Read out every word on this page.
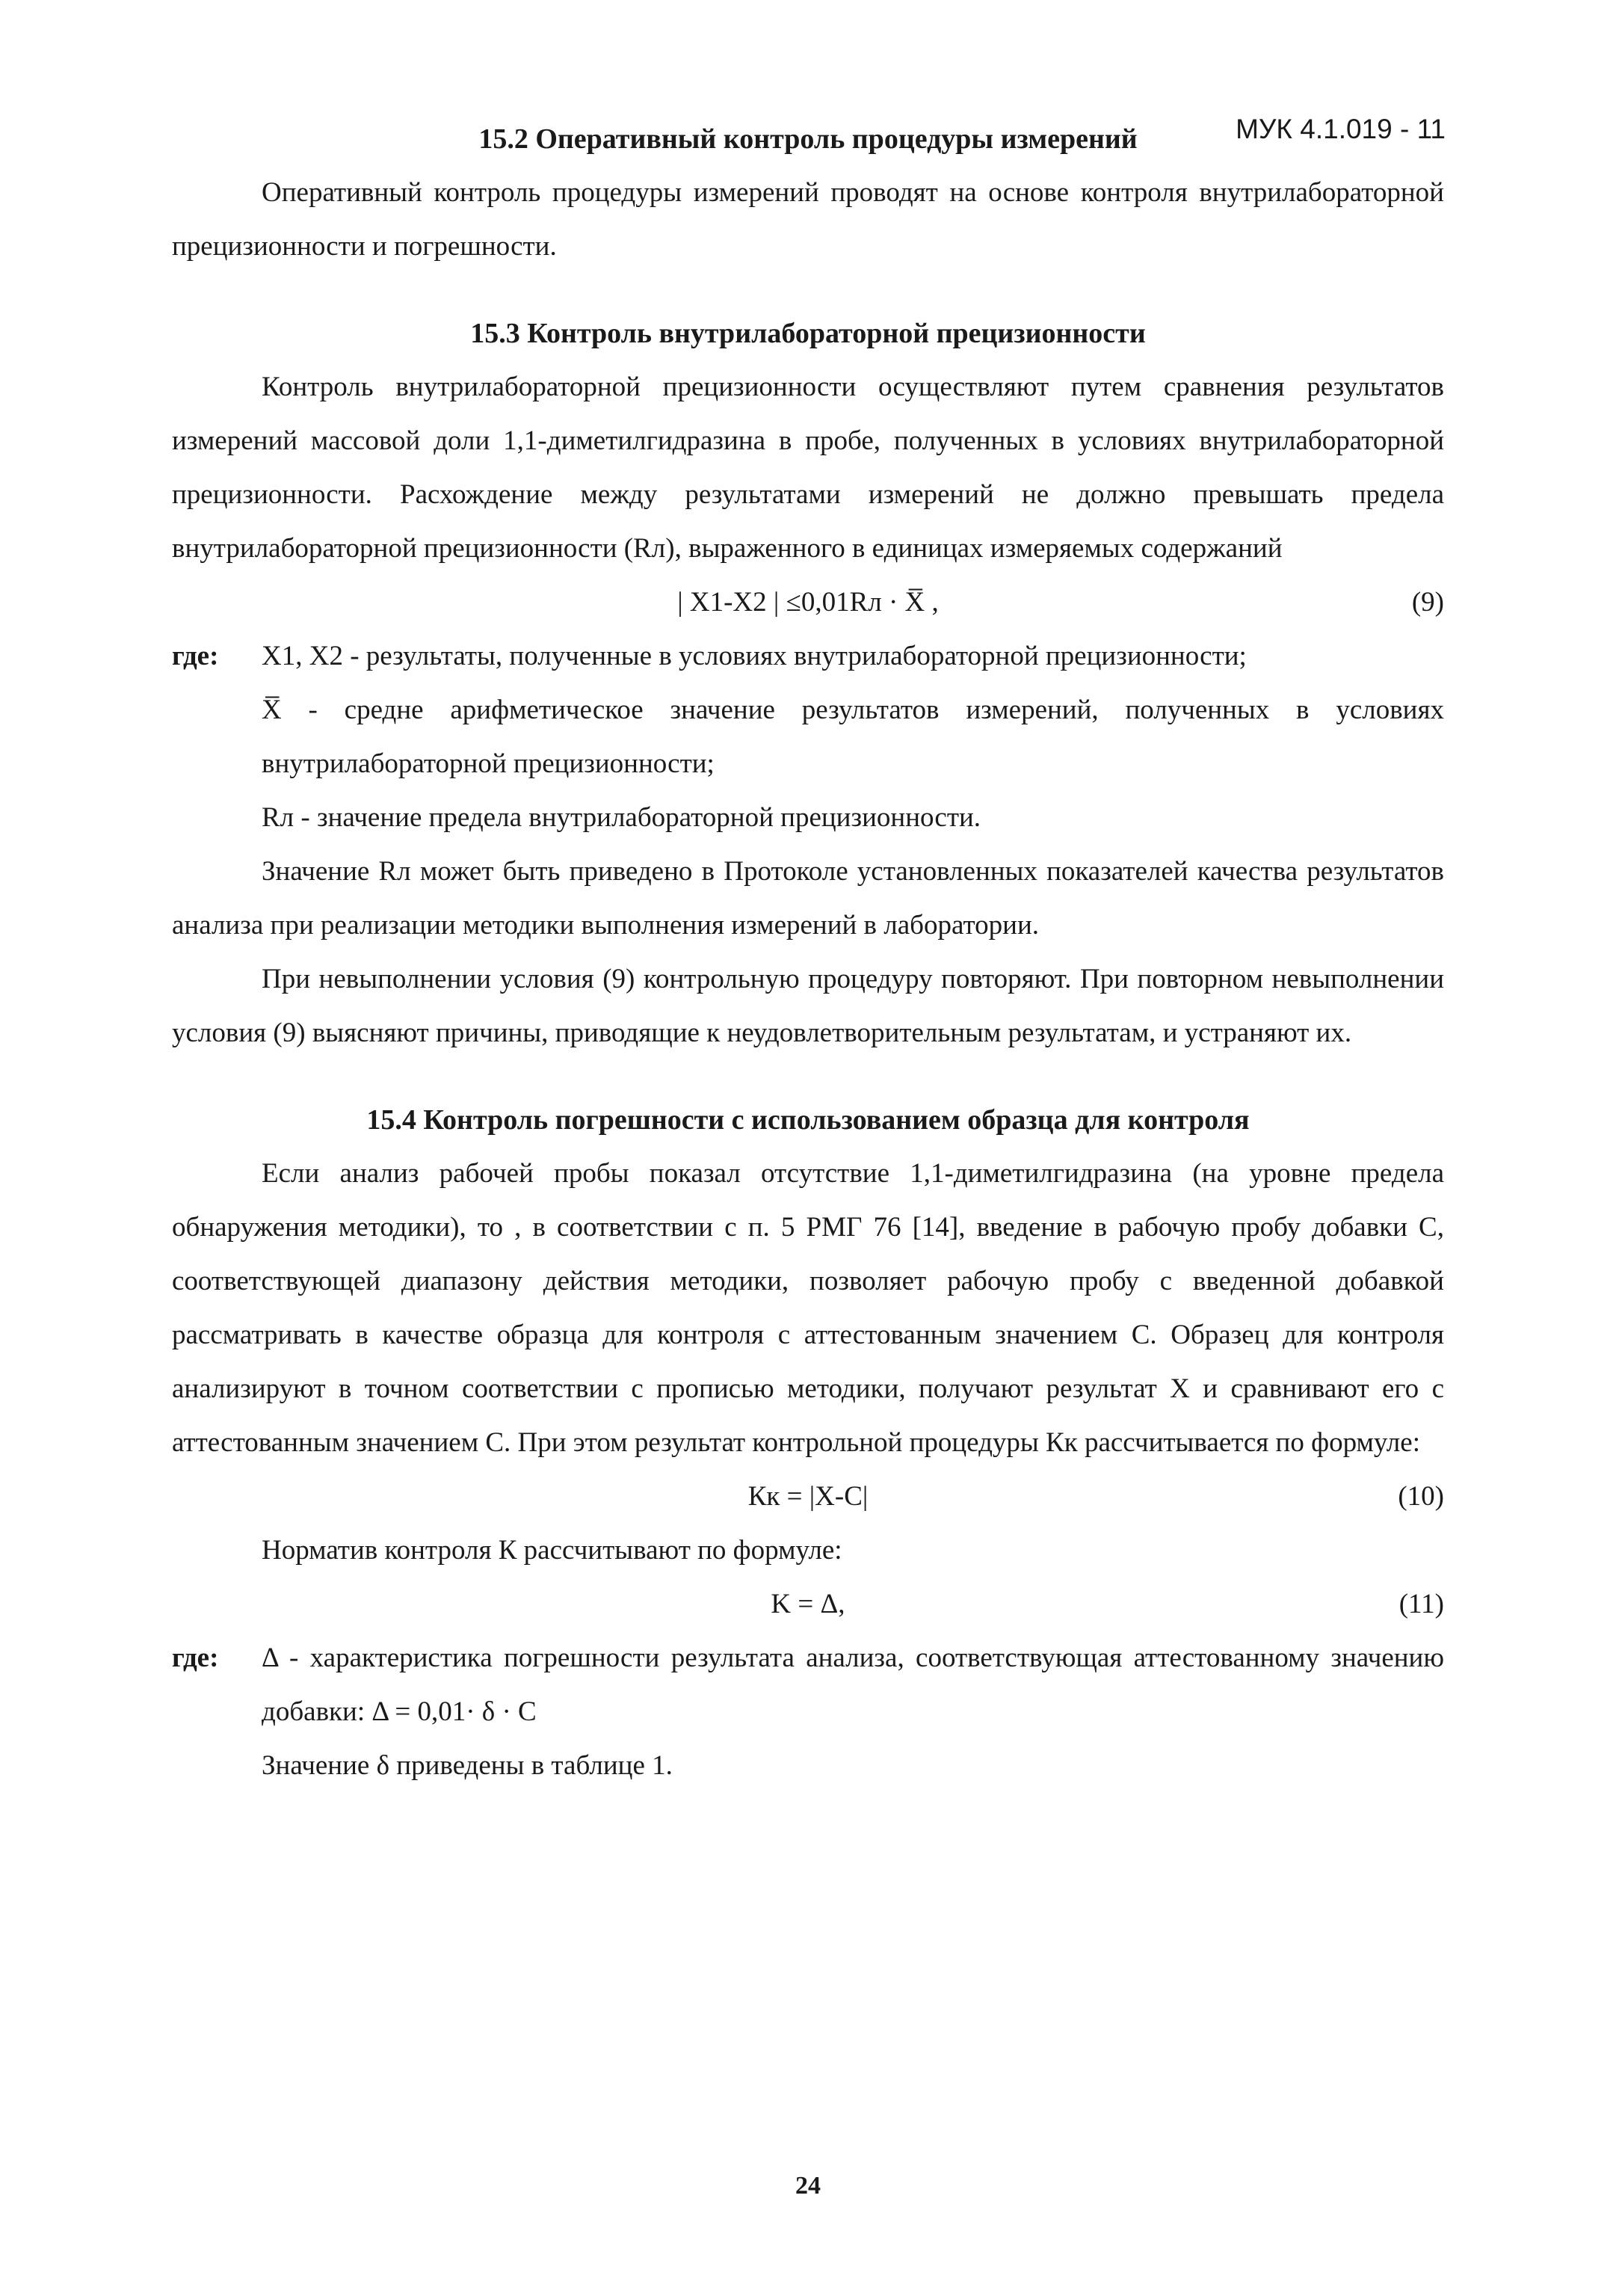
МУК 4.1.019 - 11
15.2 Оперативный контроль процедуры измерений

Оперативный контроль процедуры измерений проводят на основе контроля внутрилабораторной прецизионности и погрешности.

15.3 Контроль внутрилабораторной прецизионности

Контроль внутрилабораторной прецизионности осуществляют путем сравнения результатов измерений массовой доли 1,1-диметилгидразина в пробе, полученных в условиях внутрилабораторной прецизионности. Расхождение между результатами измерений не должно превышать предела внутрилабораторной прецизионности (Rл), выраженного в единицах измеряемых содержаний

| X1-X2 | ≤0,01Rл · X̅ ,	(9)
где:	X1, X2 - результаты, полученные в условиях внутрилабораторной прецизионности;

X̅ - средне арифметическое значение результатов измерений, полученных в условиях внутрилабораторной прецизионности;

Rл - значение предела внутрилабораторной прецизионности.

Значение Rл может быть приведено в Протоколе установленных показателей качества результатов анализа при реализации методики выполнения измерений в лаборатории.

При невыполнении условия (9) контрольную процедуру повторяют. При повторном невыполнении условия (9) выясняют причины, приводящие к неудовлетворительным результатам, и устраняют их.

15.4 Контроль погрешности с использованием образца для контроля

Если анализ рабочей пробы показал отсутствие 1,1-диметилгидразина (на уровне предела обнаружения методики), то , в соответствии с п. 5 РМГ 76 [14], введение в рабочую пробу добавки С, соответствующей диапазону действия методики, позволяет рабочую пробу с введенной добавкой рассматривать в качестве образца для контроля с аттестованным значением С. Образец для контроля анализируют в точном соответствии с прописью методики, получают результат X и сравнивают его с аттестованным значением С. При этом результат контрольной процедуры Кк рассчитывается по формуле:

Кк = |X-C|	(10)

Норматив контроля К рассчитывают по формуле:

K = Δ,	(11)
где:	Δ - характеристика погрешности результата анализа, соответствующая аттестованному значению добавки: Δ = 0,01· δ · C

Значение δ приведены в таблице 1.

24
